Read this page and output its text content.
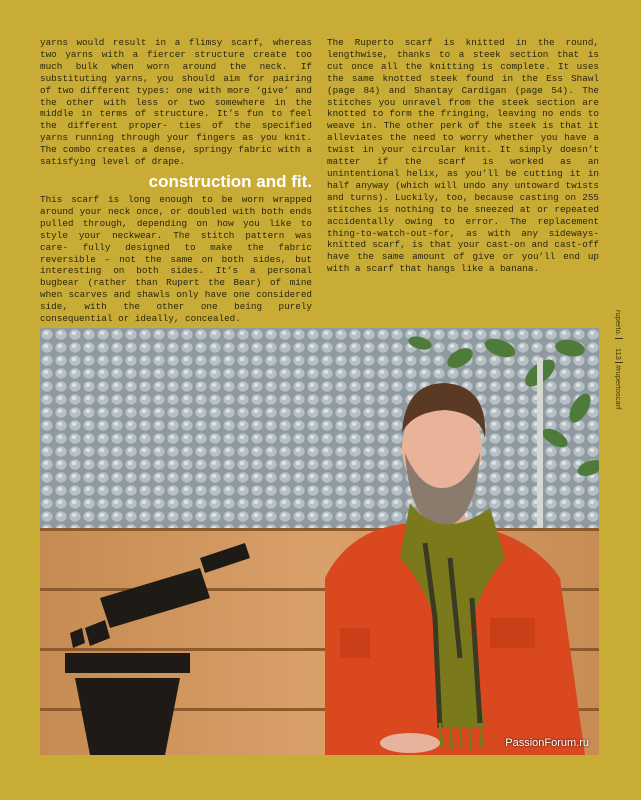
yarns would result in a flimsy scarf, whereas two yarns with a fiercer structure create too much bulk when worn around the neck. If substituting yarns, you should aim for pairing of two different types: one with more ‘give’ and the other with less or two somewhere in the middle in terms of structure. It’s fun to feel the different proper- ties of the specified yarns running through your fingers as you knit. The combo creates a dense, springy fabric with a satisfying level of drape.

construction and fit.

This scarf is long enough to be worn wrapped around your neck once, or doubled with both ends pulled through, depending on how you like to style your neckwear. The stitch pattern was care- fully designed to make the fabric reversible – not the same on both sides, but interesting on both sides. It’s a personal bugbear (rather than Rupert the Bear) of mine when scarves and shawls only have one considered side, with the other one being purely consequential or ideally, concealed.

The Ruperto scarf is knitted in the round, lengthwise, thanks to a steek section that is cut once all the knitting is complete. It uses the same knotted steek found in the Ess Shawl (page 84) and Shantay Cardigan (page 54). The stitches you unravel from the steek section are knotted to form the fringing, leaving no ends to weave in. The other perk of the steek is that it alleviates the need to worry whether you have a twist in your circular knit. It simply doesn’t matter if the scarf is worked as an unintentional helix, as you’ll be cutting it in half anyway (which will undo any untoward twists and turns). Luckily, too, because casting on 255 stitches is nothing to be sneezed at or repeated accidentally owing to error. The replacement thing-to-watch-out-for, as with any sideways-knitted scarf, is that your cast-on and cast-off have the same amount of give or you’ll end up with a scarf that hangs like a banana.

ruperto.
113
#rupertoscarf
PassionForum.ru
